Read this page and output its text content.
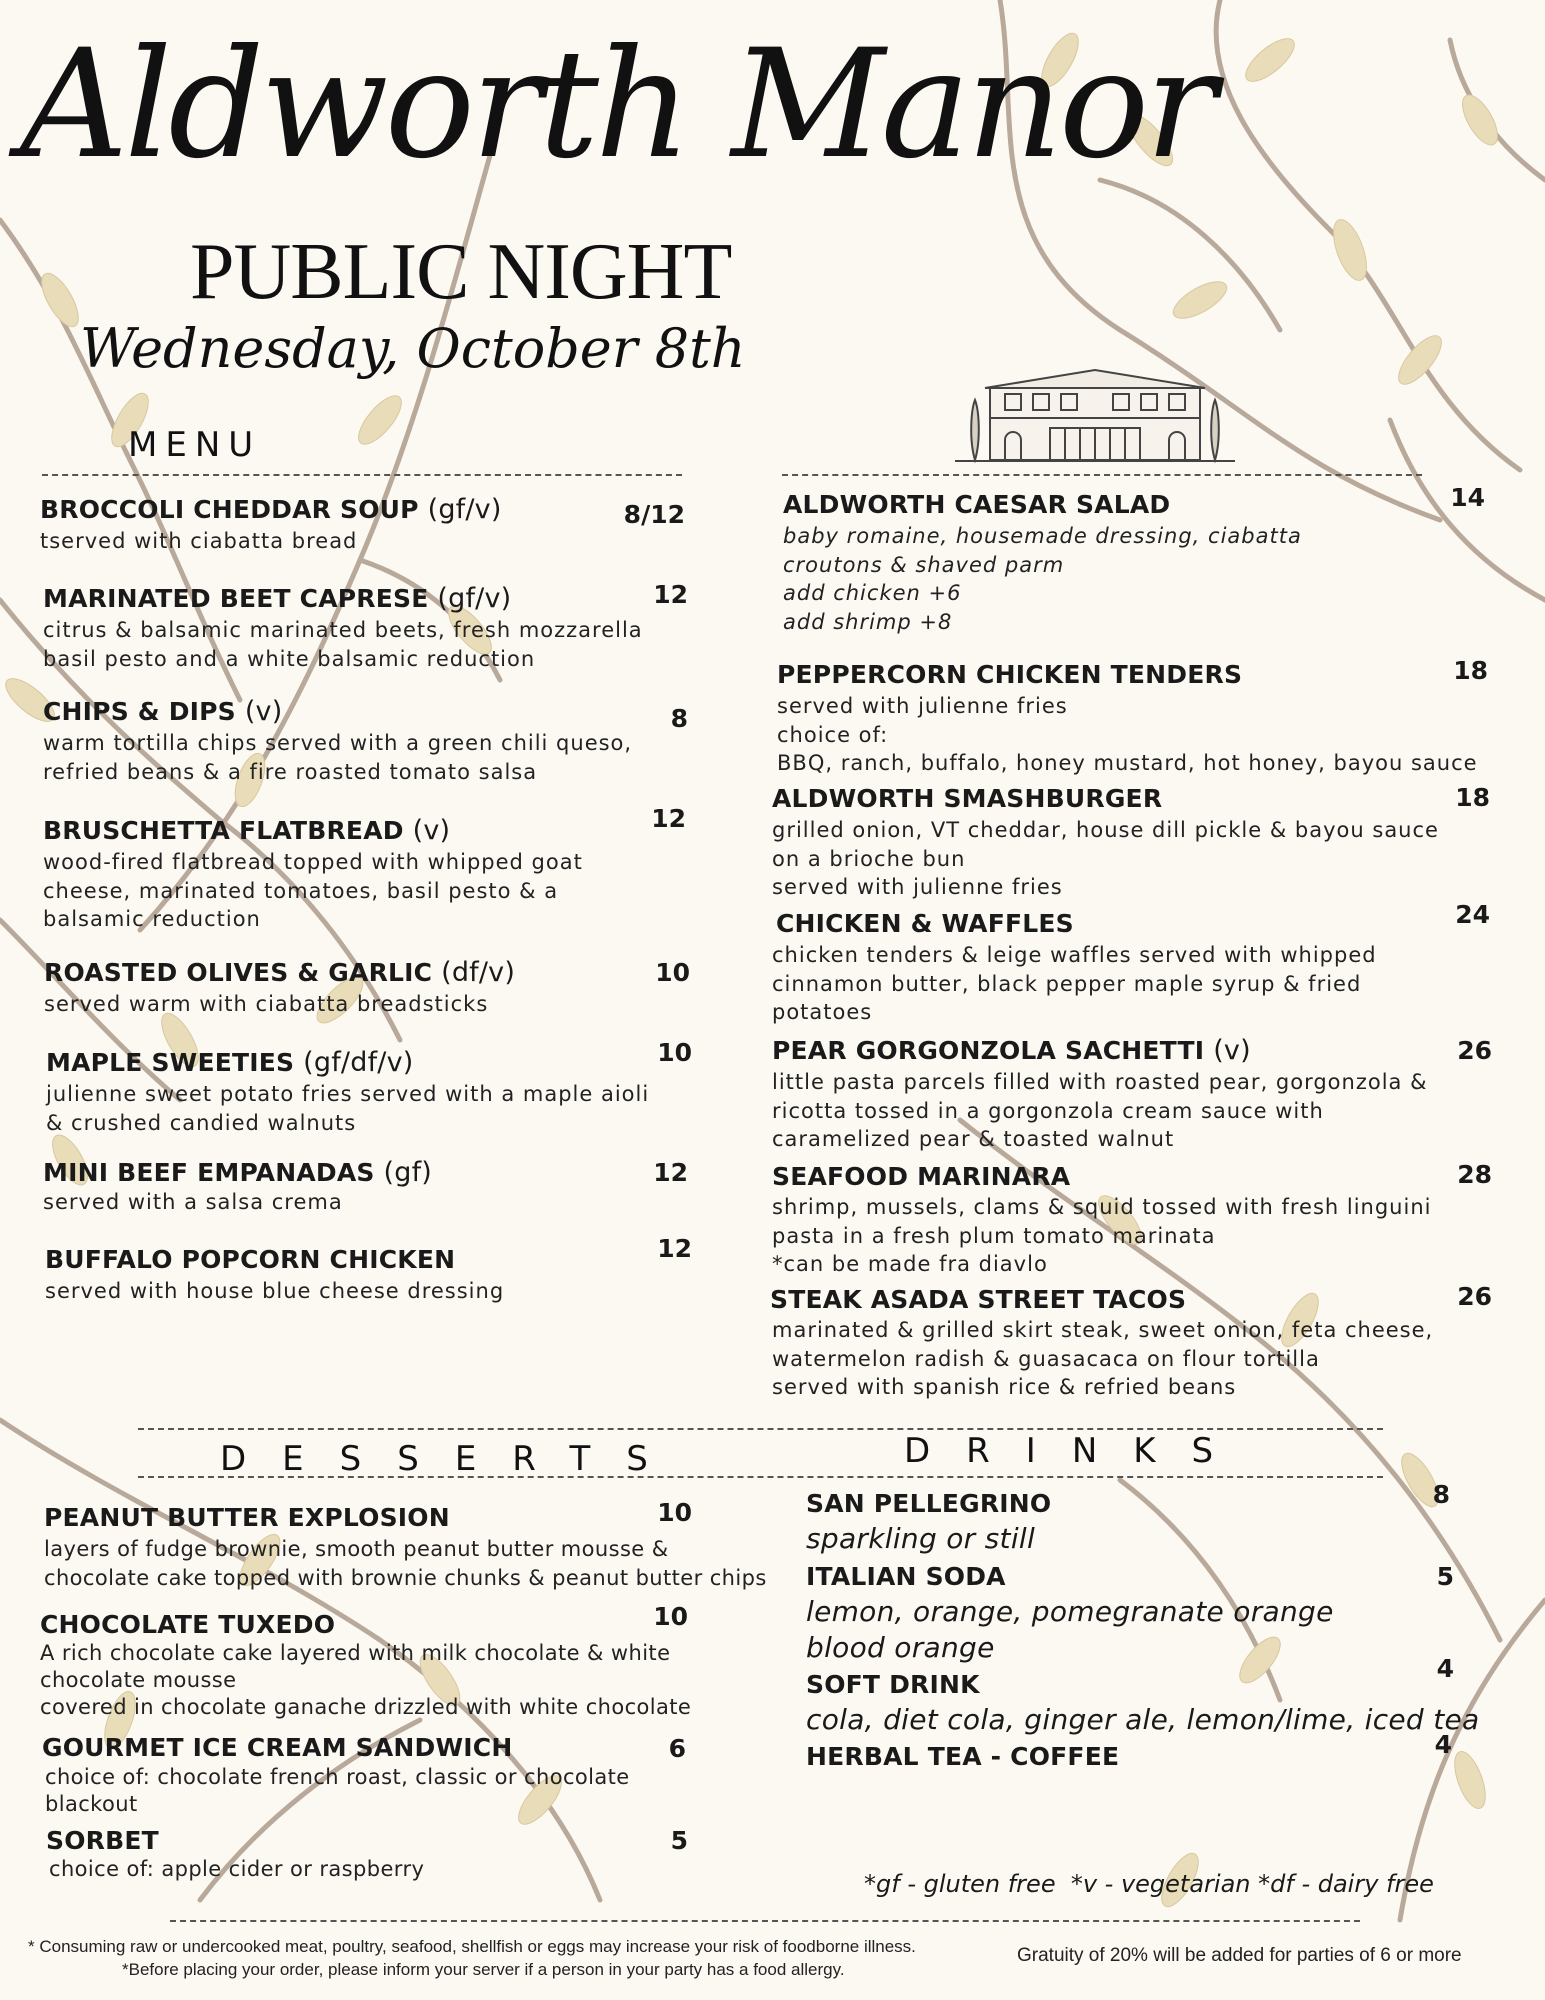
Aldworth Manor
PUBLIC NIGHT
Wednesday, October 8th
MENU
BROCCOLI CHEDDAR SOUP (gf/v)
tserved with ciabatta bread
8/12
MARINATED BEET CAPRESE (gf/v)
citrus & balsamic marinated beets, fresh mozzarella
basil pesto and a white balsamic reduction
12
CHIPS & DIPS (v)
warm tortilla chips served with a green chili queso,
refried beans & a fire roasted tomato salsa
8
BRUSCHETTA FLATBREAD (v)
wood-fired flatbread topped with whipped goat
cheese, marinated tomatoes, basil pesto & a
balsamic reduction
12
ROASTED OLIVES & GARLIC (df/v)
served warm with ciabatta breadsticks
10
MAPLE SWEETIES (gf/df/v)
julienne sweet potato fries served with a maple aioli
& crushed candied walnuts
10
MINI BEEF EMPANADAS (gf)
served with a salsa crema
12
BUFFALO POPCORN CHICKEN
served with house blue cheese dressing
12
ALDWORTH CAESAR SALAD
baby romaine, housemade dressing, ciabatta
croutons & shaved parm
add chicken +6
add shrimp +8
14
PEPPERCORN CHICKEN TENDERS
served with julienne fries
choice of:
BBQ, ranch, buffalo, honey mustard, hot honey, bayou sauce
18
ALDWORTH SMASHBURGER
grilled onion, VT cheddar, house dill pickle & bayou sauce
on a brioche bun
served with julienne fries
18
CHICKEN & WAFFLES
chicken tenders & leige waffles served with whipped
cinnamon butter, black pepper maple syrup & fried
potatoes
24
PEAR GORGONZOLA SACHETTI (v)
little pasta parcels filled with roasted pear, gorgonzola &
ricotta tossed in a gorgonzola cream sauce with
caramelized pear & toasted walnut
26
SEAFOOD MARINARA
shrimp, mussels, clams & squid tossed with fresh linguini
pasta in a fresh plum tomato marinata
*can be made fra diavlo
28
STEAK ASADA STREET TACOS
marinated & grilled skirt steak, sweet onion, feta cheese,
watermelon radish & guasacaca on flour tortilla
served with spanish rice & refried beans
26
DESSERTS	DRINKS
PEANUT BUTTER EXPLOSION
layers of fudge brownie, smooth peanut butter mousse &
chocolate cake topped with brownie chunks & peanut butter chips
10
CHOCOLATE TUXEDO
A rich chocolate cake layered with milk chocolate & white
chocolate mousse
covered in chocolate ganache drizzled with white chocolate
10
GOURMET ICE CREAM SANDWICH
choice of: chocolate french roast, classic or chocolate
blackout
6
SORBET
choice of: apple cider or raspberry
5
SAN PELLEGRINO
sparkling or still
8
ITALIAN SODA
lemon, orange, pomegranate orange
blood orange
5
SOFT DRINK
cola, diet cola, ginger ale, lemon/lime, iced tea
4
HERBAL TEA - COFFEE	4
*gf - gluten free  *v - vegetarian *df - dairy free
* Consuming raw or undercooked meat, poultry, seafood, shellfish or eggs may increase your risk of foodborne illness.
*Before placing your order, please inform your server if a person in your party has a food allergy.
Gratuity of 20% will be added for parties of 6 or more
